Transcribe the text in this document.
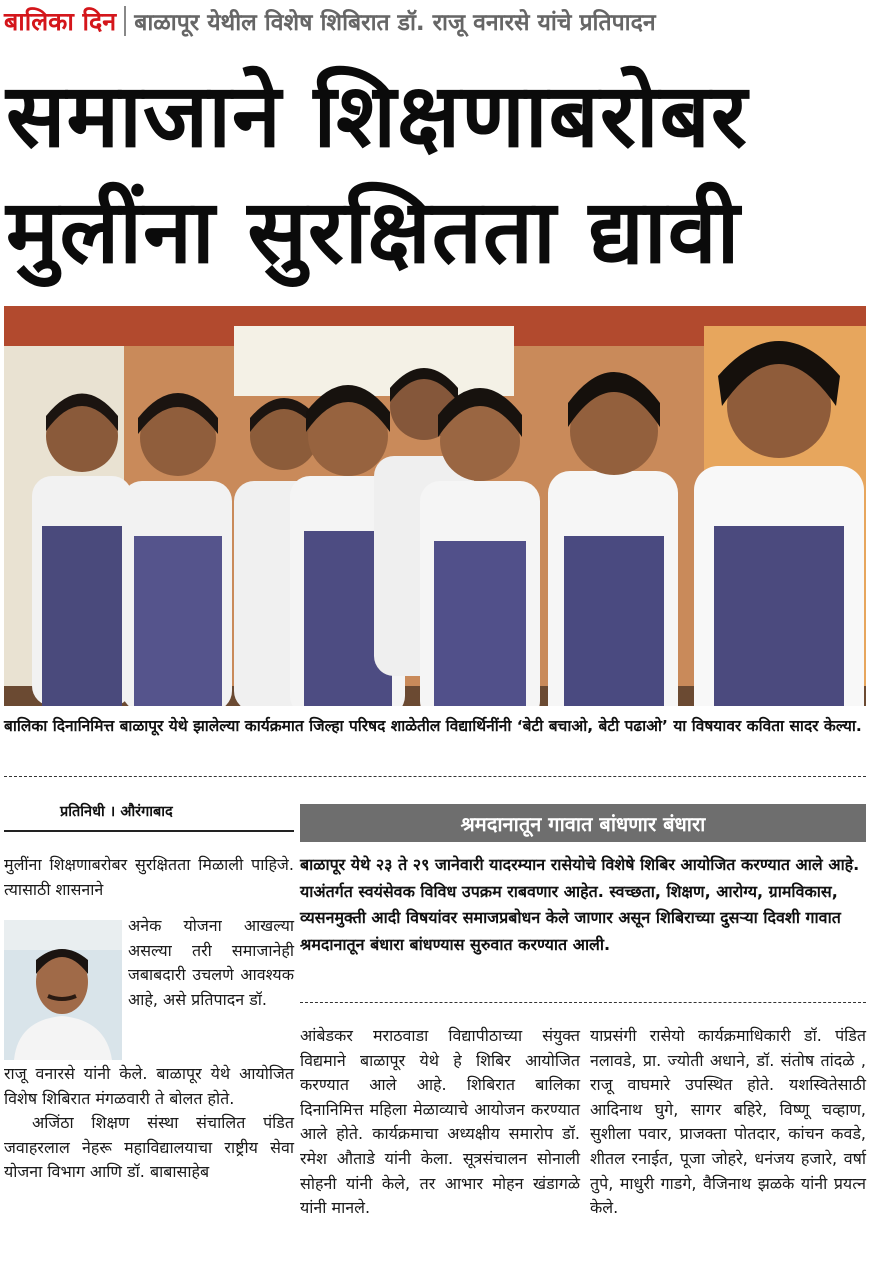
बालिका दिन बाळापूर येथील विशेष शिबिरात डॉ. राजू वनारसे यांचे प्रतिपादन
समाजाने शिक्षणाबरोबर
मुलींना सुरक्षितता द्यावी
बालिका दिनानिमित्त बाळापूर येथे झालेल्या कार्यक्रमात जिल्हा परिषद शाळेतील विद्यार्थिनींनी ‘बेटी बचाओ, बेटी पढाओ’ या विषयावर कविता सादर केल्या.
प्रतिनिधी । औरंगाबाद
मुलींना शिक्षणाबरोबर सुरक्षितता मिळाली पाहिजे. त्यासाठी शासनाने
अनेक योजना आखल्या असल्या तरी समाजानेही जबाबदारी उचलणे आवश्यक आहे, असे प्रतिपादन डॉ.
राजू वनारसे यांनी केले. बाळापूर येथे आयोजित विशेष शिबिरात मंगळवारी ते बोलत होते.
अजिंठा शिक्षण संस्था संचालित पंडित जवाहरलाल नेहरू महाविद्यालयाचा राष्ट्रीय सेवा योजना विभाग आणि डॉ. बाबासाहेब
श्रमदानातून गावात बांधणार बंधारा
बाळापूर येथे २३ ते २९ जानेवारी यादरम्यान रासेयोचे विशेषे शिबिर आयोजित करण्यात आले आहे. याअंतर्गत स्वयंसेवक विविध उपक्रम राबवणार आहेत. स्वच्छता, शिक्षण, आरोग्य, ग्रामविकास, व्यसनमुक्ती आदी विषयांवर समाजप्रबोधन केले जाणार असून शिबिराच्या दुसऱ्या दिवशी गावात श्रमदानातून बंधारा बांधण्यास सुरुवात करण्यात आली.
आंबेडकर मराठवाडा विद्यापीठाच्या संयुक्त विद्यमाने बाळापूर येथे हे शिबिर आयोजित करण्यात आले आहे. शिबिरात बालिका दिनानिमित्त महिला मेळाव्याचे आयोजन करण्यात आले होते. कार्यक्रमाचा अध्यक्षीय समारोप डॉ. रमेश औताडे यांनी केला. सूत्रसंचालन सोनाली सोहनी यांनी केले, तर आभार मोहन खंडागळे यांनी मानले.
याप्रसंगी रासेयो कार्यक्रमाधिकारी डॉ. पंडित नलावडे, प्रा. ज्योती अधाने, डॉ. संतोष तांदळे , राजू वाघमारे उपस्थित होते. यशस्वितेसाठी आदिनाथ घुगे, सागर बहिरे, विष्णू चव्हाण, सुशीला पवार, प्राजक्ता पोतदार, कांचन कवडे, शीतल रनाईत, पूजा जोहरे, धनंजय हजारे, वर्षा तुपे, माधुरी गाडगे, वैजिनाथ झळके यांनी प्रयत्न केले.
